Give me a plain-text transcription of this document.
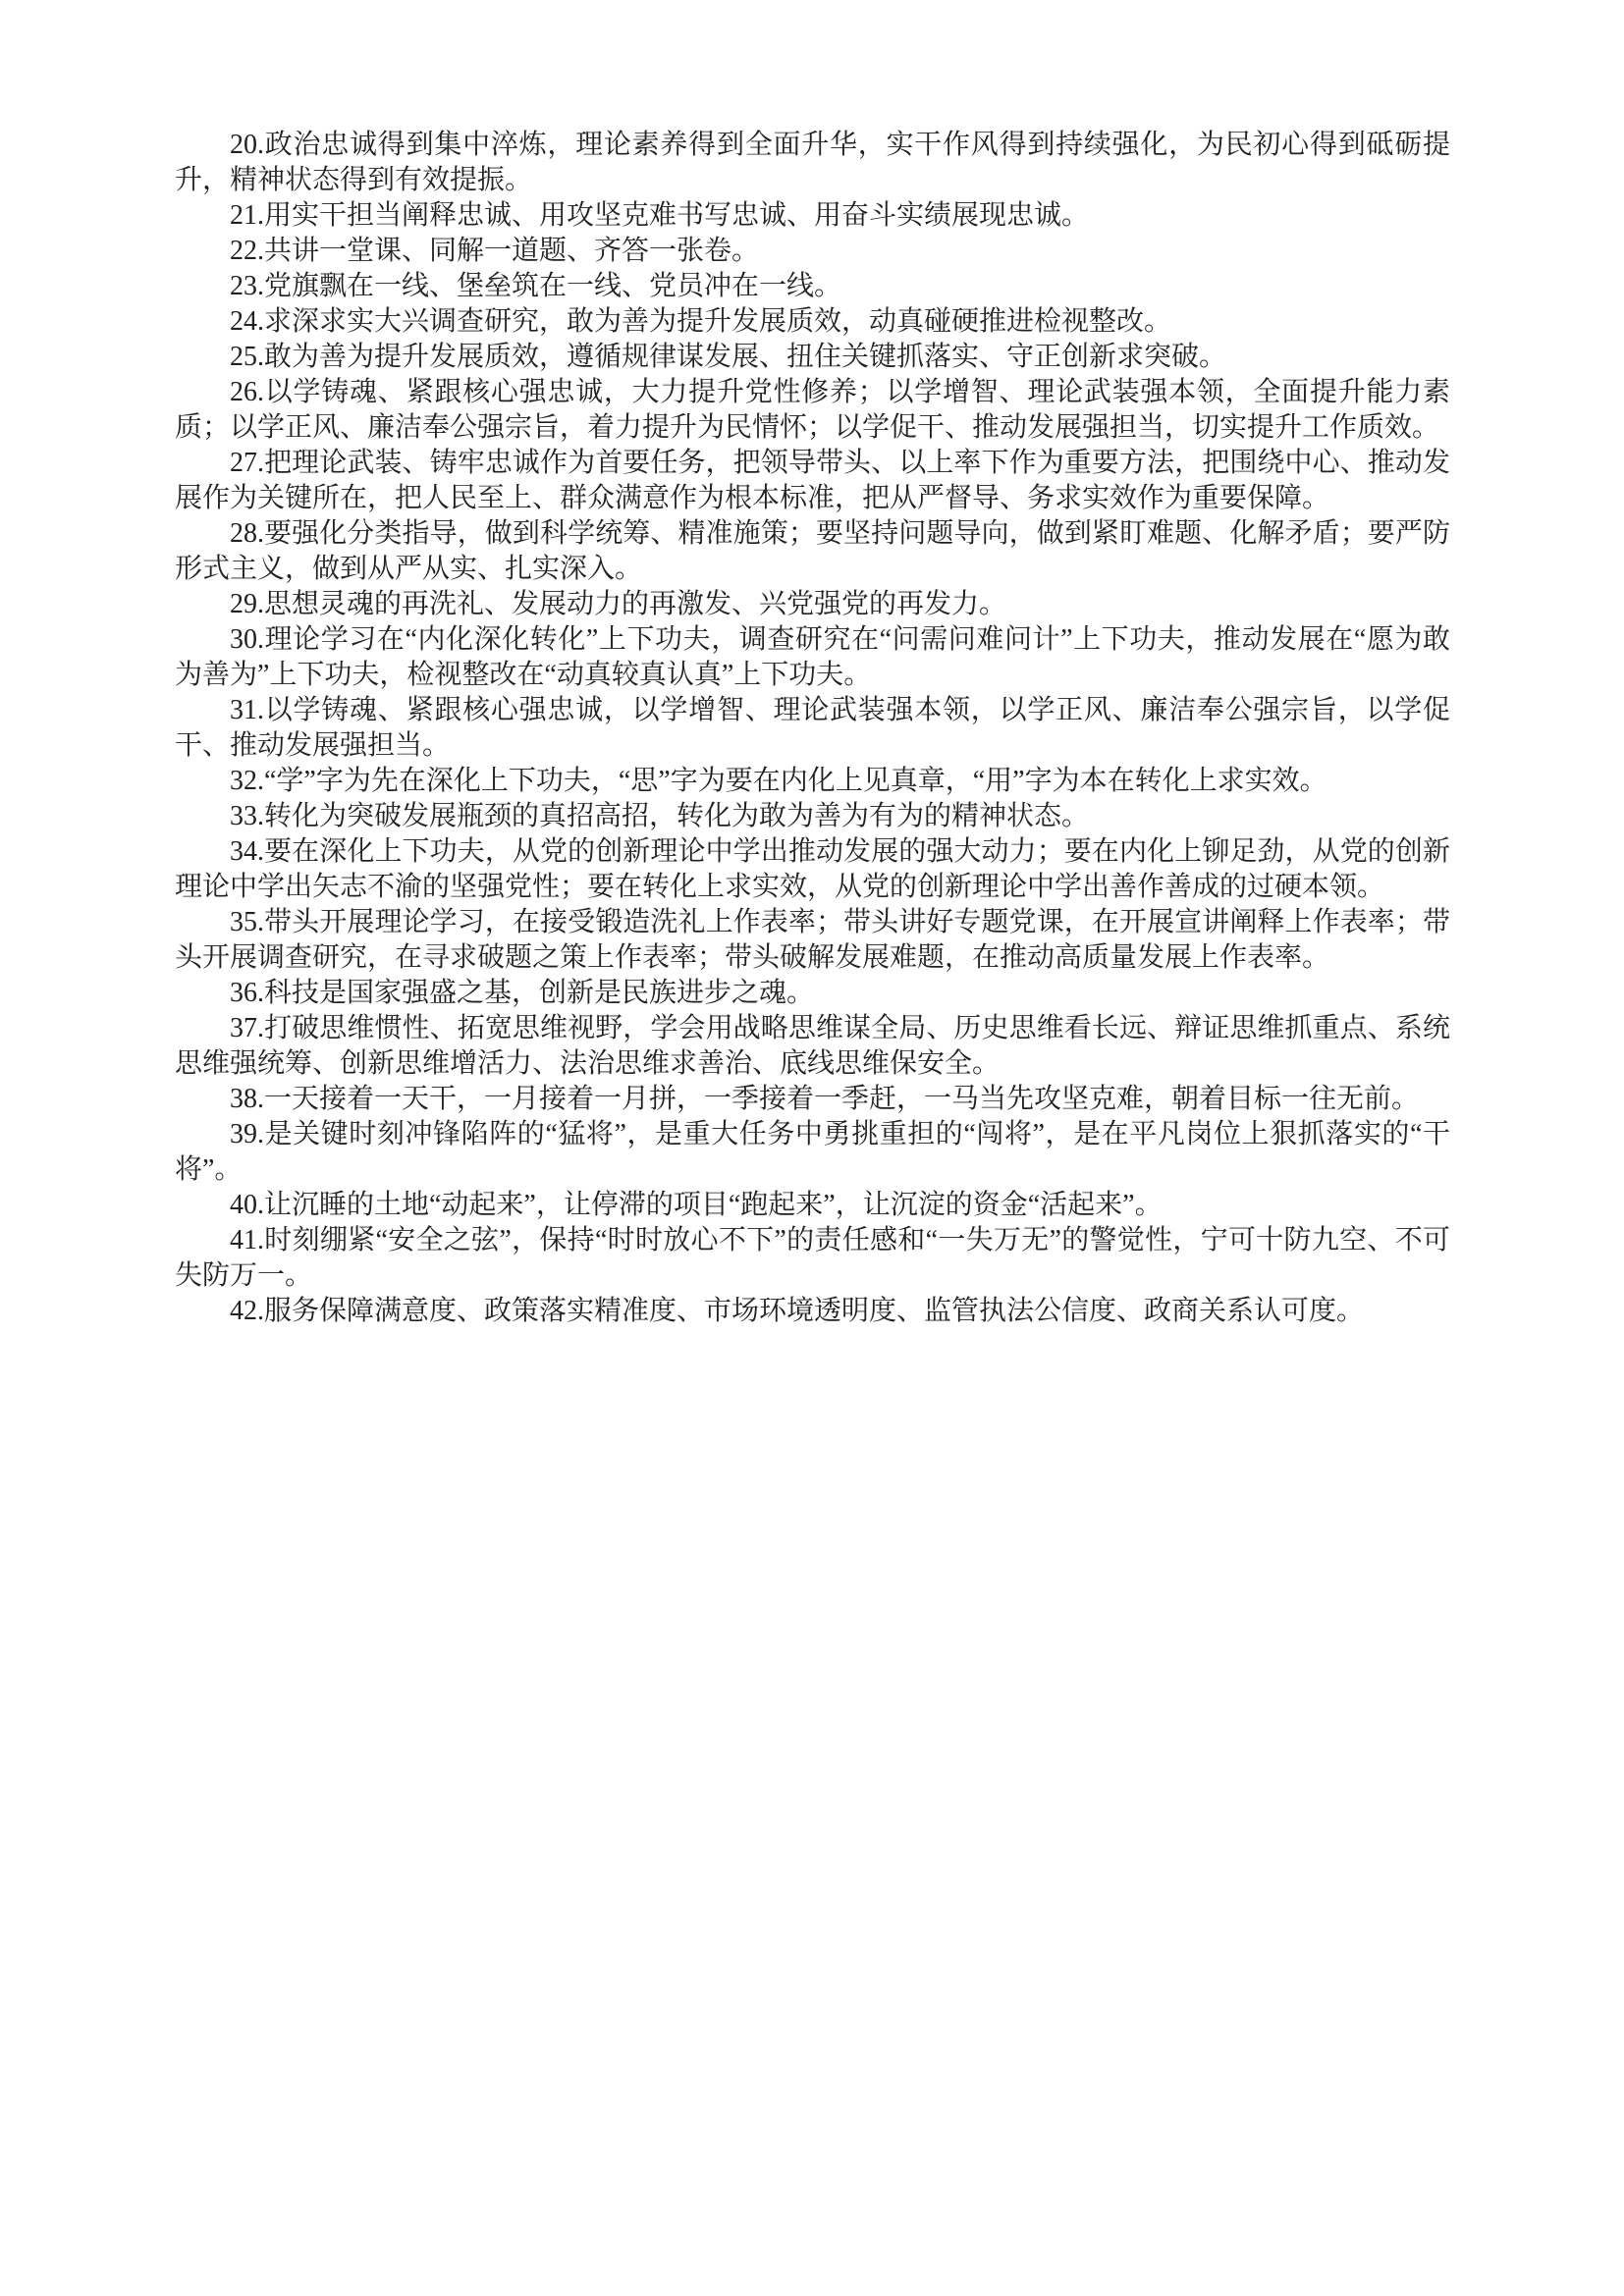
20.政治忠诚得到集中淬炼，理论素养得到全面升华，实干作风得到持续强化，为民初心得到砥砺提升，精神状态得到有效提振。

21.用实干担当阐释忠诚、用攻坚克难书写忠诚、用奋斗实绩展现忠诚。

22.共讲一堂课、同解一道题、齐答一张卷。

23.党旗飘在一线、堡垒筑在一线、党员冲在一线。

24.求深求实大兴调查研究，敢为善为提升发展质效，动真碰硬推进检视整改。

25.敢为善为提升发展质效，遵循规律谋发展、扭住关键抓落实、守正创新求突破。

26.以学铸魂、紧跟核心强忠诚，大力提升党性修养；以学增智、理论武装强本领，全面提升能力素质；以学正风、廉洁奉公强宗旨，着力提升为民情怀；以学促干、推动发展强担当，切实提升工作质效。

27.把理论武装、铸牢忠诚作为首要任务，把领导带头、以上率下作为重要方法，把围绕中心、推动发展作为关键所在，把人民至上、群众满意作为根本标准，把从严督导、务求实效作为重要保障。

28.要强化分类指导，做到科学统筹、精准施策；要坚持问题导向，做到紧盯难题、化解矛盾；要严防形式主义，做到从严从实、扎实深入。

29.思想灵魂的再洗礼、发展动力的再激发、兴党强党的再发力。

30.理论学习在“内化深化转化”上下功夫，调查研究在“问需问难问计”上下功夫，推动发展在“愿为敢为善为”上下功夫，检视整改在“动真较真认真”上下功夫。

31.以学铸魂、紧跟核心强忠诚，以学增智、理论武装强本领，以学正风、廉洁奉公强宗旨，以学促干、推动发展强担当。

32.“学”字为先在深化上下功夫，“思”字为要在内化上见真章，“用”字为本在转化上求实效。

33.转化为突破发展瓶颈的真招高招，转化为敢为善为有为的精神状态。

34.要在深化上下功夫，从党的创新理论中学出推动发展的强大动力；要在内化上铆足劲，从党的创新理论中学出矢志不渝的坚强党性；要在转化上求实效，从党的创新理论中学出善作善成的过硬本领。

35.带头开展理论学习，在接受锻造洗礼上作表率；带头讲好专题党课，在开展宣讲阐释上作表率；带头开展调查研究，在寻求破题之策上作表率；带头破解发展难题，在推动高质量发展上作表率。

36.科技是国家强盛之基，创新是民族进步之魂。

37.打破思维惯性、拓宽思维视野，学会用战略思维谋全局、历史思维看长远、辩证思维抓重点、系统思维强统筹、创新思维增活力、法治思维求善治、底线思维保安全。

38.一天接着一天干，一月接着一月拼，一季接着一季赶，一马当先攻坚克难，朝着目标一往无前。

39.是关键时刻冲锋陷阵的“猛将”，是重大任务中勇挑重担的“闯将”，是在平凡岗位上狠抓落实的“干将”。

40.让沉睡的土地“动起来”，让停滞的项目“跑起来”，让沉淀的资金“活起来”。

41.时刻绷紧“安全之弦”，保持“时时放心不下”的责任感和“一失万无”的警觉性，宁可十防九空、不可失防万一。

42.服务保障满意度、政策落实精准度、市场环境透明度、监管执法公信度、政商关系认可度。
